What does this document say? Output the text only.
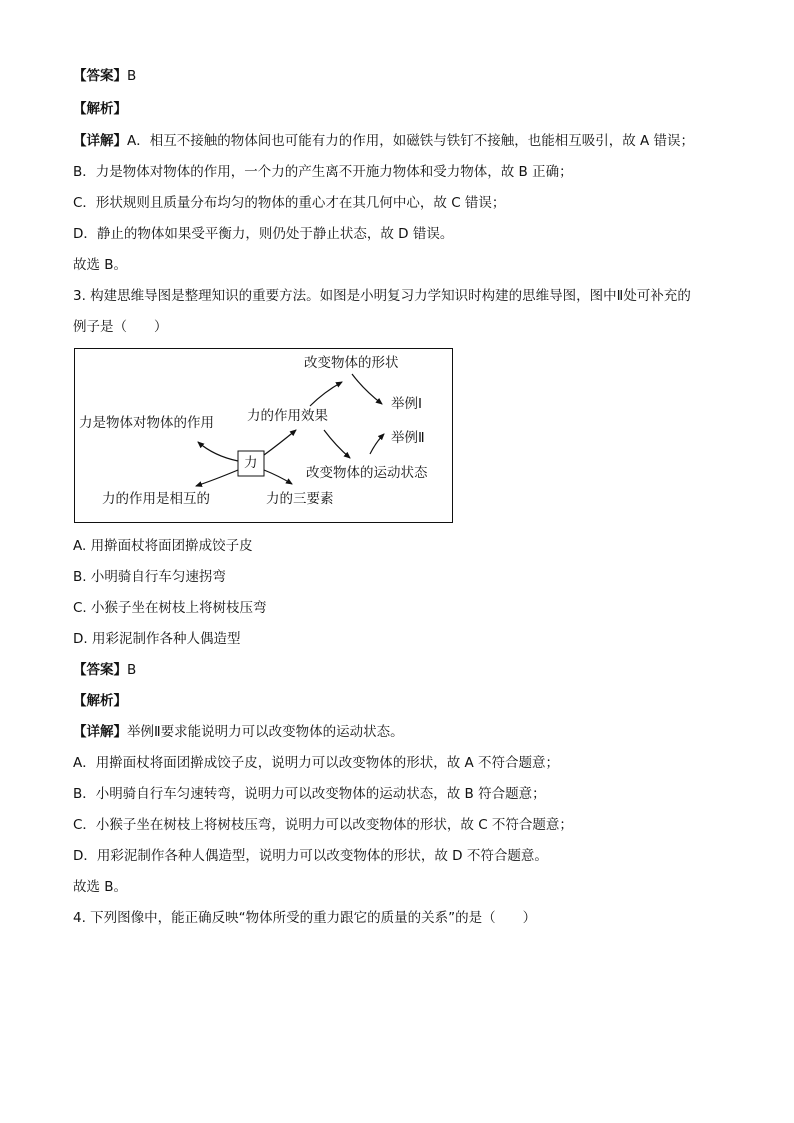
【答案】B
【解析】
【详解】A．相互不接触的物体间也可能有力的作用，如磁铁与铁钉不接触，也能相互吸引，故 A 错误；
B．力是物体对物体的作用，一个力的产生离不开施力物体和受力物体，故 B 正确；
C．形状规则且质量分布均匀的物体的重心才在其几何中心，故 C 错误；
D．静止的物体如果受平衡力，则仍处于静止状态，故 D 错误。
故选 B。
3. 构建思维导图是整理知识的重要方法。如图是小明复习力学知识时构建的思维导图，图中Ⅱ处可补充的
例子是（　　）
力
力是物体对物体的作用
力的作用是相互的
力的作用效果
力的三要素
改变物体的形状
改变物体的运动状态
举例Ⅰ
举例Ⅱ
A. 用擀面杖将面团擀成饺子皮
B. 小明骑自行车匀速拐弯
C. 小猴子坐在树枝上将树枝压弯
D. 用彩泥制作各种人偶造型
【答案】B
【解析】
【详解】举例Ⅱ要求能说明力可以改变物体的运动状态。
A．用擀面杖将面团擀成饺子皮，说明力可以改变物体的形状，故 A 不符合题意；
B．小明骑自行车匀速转弯，说明力可以改变物体的运动状态，故 B 符合题意；
C．小猴子坐在树枝上将树枝压弯，说明力可以改变物体的形状，故 C 不符合题意；
D．用彩泥制作各种人偶造型，说明力可以改变物体的形状，故 D 不符合题意。
故选 B。
4. 下列图像中，能正确反映“物体所受的重力跟它的质量的关系”的是（　　）
